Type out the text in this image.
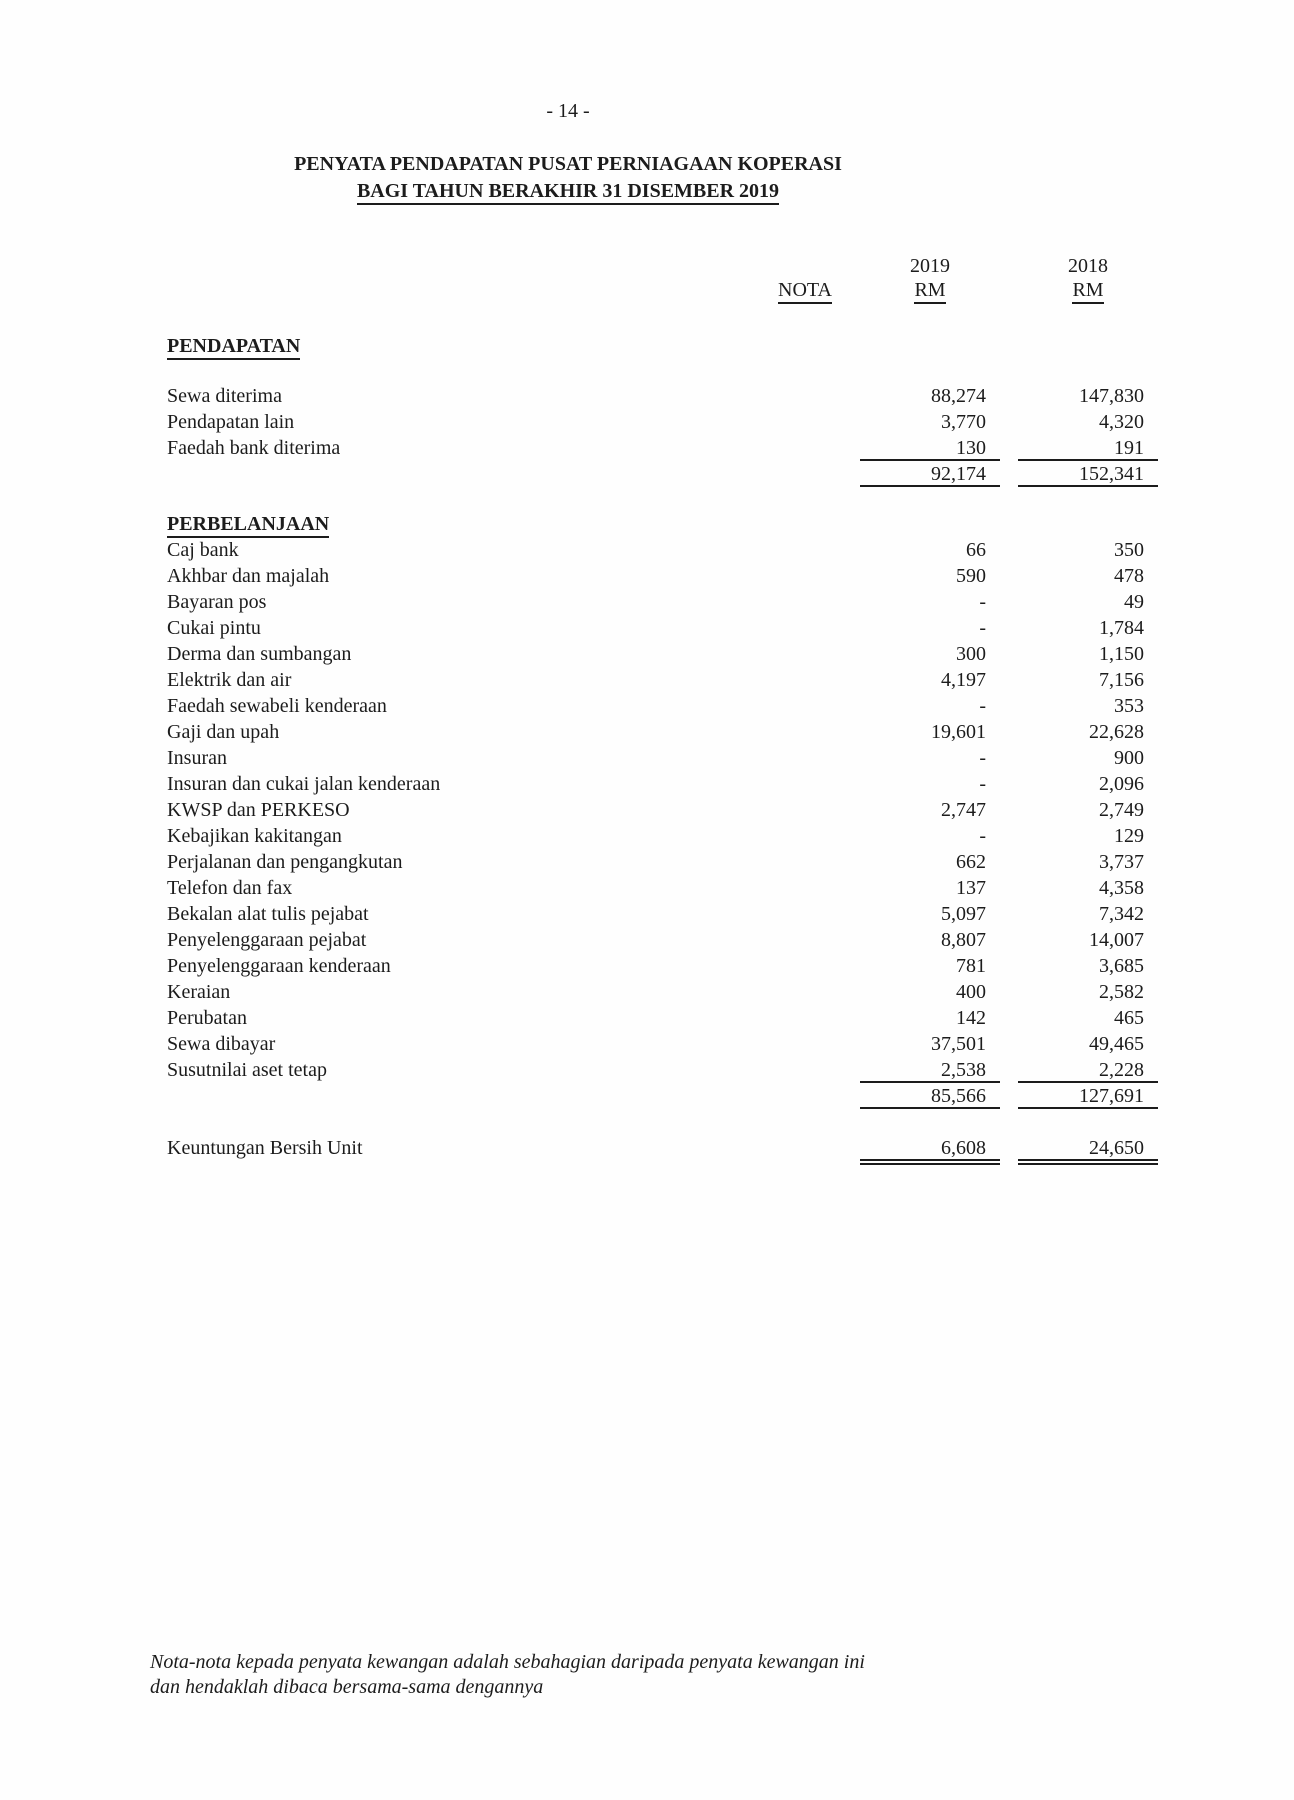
- 14 -
PENYATA PENDAPATAN PUSAT PERNIAGAAN KOPERASI
BAGI TAHUN BERAKHIR 31 DISEMBER 2019
2019	2018
NOTA	RM	RM
PENDAPATAN
Sewa diterima	88,274	147,830
Pendapatan lain	3,770	4,320
Faedah bank diterima	130	191
92,174	152,341
PERBELANJAAN
Caj bank	66	350
Akhbar dan majalah	590	478
Bayaran pos	-	49
Cukai pintu	-	1,784
Derma dan sumbangan	300	1,150
Elektrik dan air	4,197	7,156
Faedah sewabeli kenderaan	-	353
Gaji dan upah	19,601	22,628
Insuran	-	900
Insuran dan cukai jalan kenderaan	-	2,096
KWSP dan PERKESO	2,747	2,749
Kebajikan kakitangan	-	129
Perjalanan dan pengangkutan	662	3,737
Telefon dan fax	137	4,358
Bekalan alat tulis pejabat	5,097	7,342
Penyelenggaraan pejabat	8,807	14,007
Penyelenggaraan kenderaan	781	3,685
Keraian	400	2,582
Perubatan	142	465
Sewa dibayar	37,501	49,465
Susutnilai aset tetap	2,538	2,228
85,566	127,691
Keuntungan Bersih Unit	6,608	24,650
Nota-nota kepada penyata kewangan adalah sebahagian daripada penyata kewangan ini
dan hendaklah dibaca bersama-sama dengannya
